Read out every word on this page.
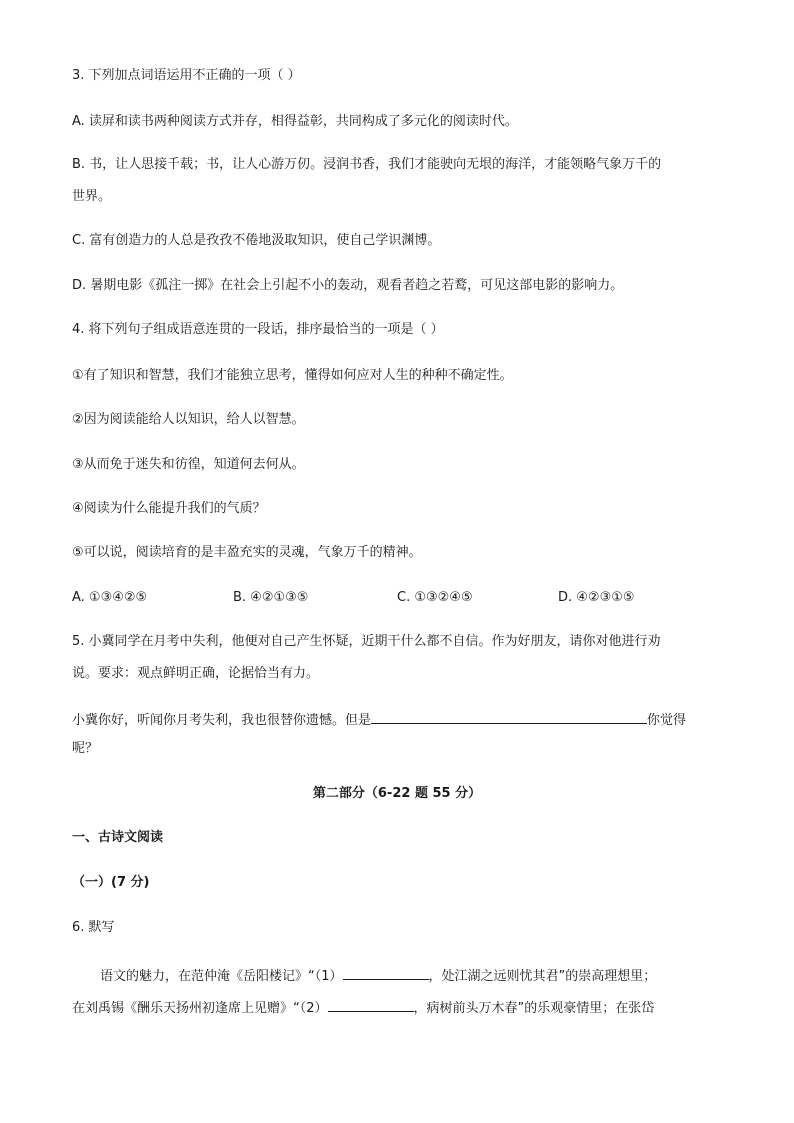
3. 下列加点词语运用不正确的一项（ ）
A. 读屏和读书两种阅读方式并存，相得益彰，共同构成了多元化的阅读时代。
B. 书，让人思接千载；书，让人心游万仞。浸润书香，我们才能驶向无垠的海洋，才能领略气象万千的
世界。
C. 富有创造力的人总是孜孜不倦地汲取知识，使自己学识渊博。
D. 暑期电影《孤注一掷》在社会上引起不小的轰动，观看者趋之若鹜，可见这部电影的影响力。
4. 将下列句子组成语意连贯的一段话，排序最恰当的一项是（ ）
①有了知识和智慧，我们才能独立思考，懂得如何应对人生的种种不确定性。
②因为阅读能给人以知识，给人以智慧。
③从而免于迷失和彷徨，知道何去何从。
④阅读为什么能提升我们的气质？
⑤可以说，阅读培育的是丰盈充实的灵魂，气象万千的精神。
A. ①③④②⑤	B. ④②①③⑤	C. ①③②④⑤	D. ④②③①⑤
5. 小冀同学在月考中失利，他便对自己产生怀疑，近期干什么都不自信。作为好朋友，请你对他进行劝
说。要求：观点鲜明正确，论据恰当有力。
小冀你好，听闻你月考失利，我也很替你遗憾。但是	你觉得
呢？
第二部分（6-22 题 55 分）
一、古诗文阅读
（一）(7 分)
6. 默写
语文的魅力，在范仲淹《岳阳楼记》“（1）	，处江湖之远则忧其君”的崇高理想里；
在刘禹锡《酬乐天扬州初逢席上见赠》“（2）	，病树前头万木春”的乐观豪情里；在张岱
